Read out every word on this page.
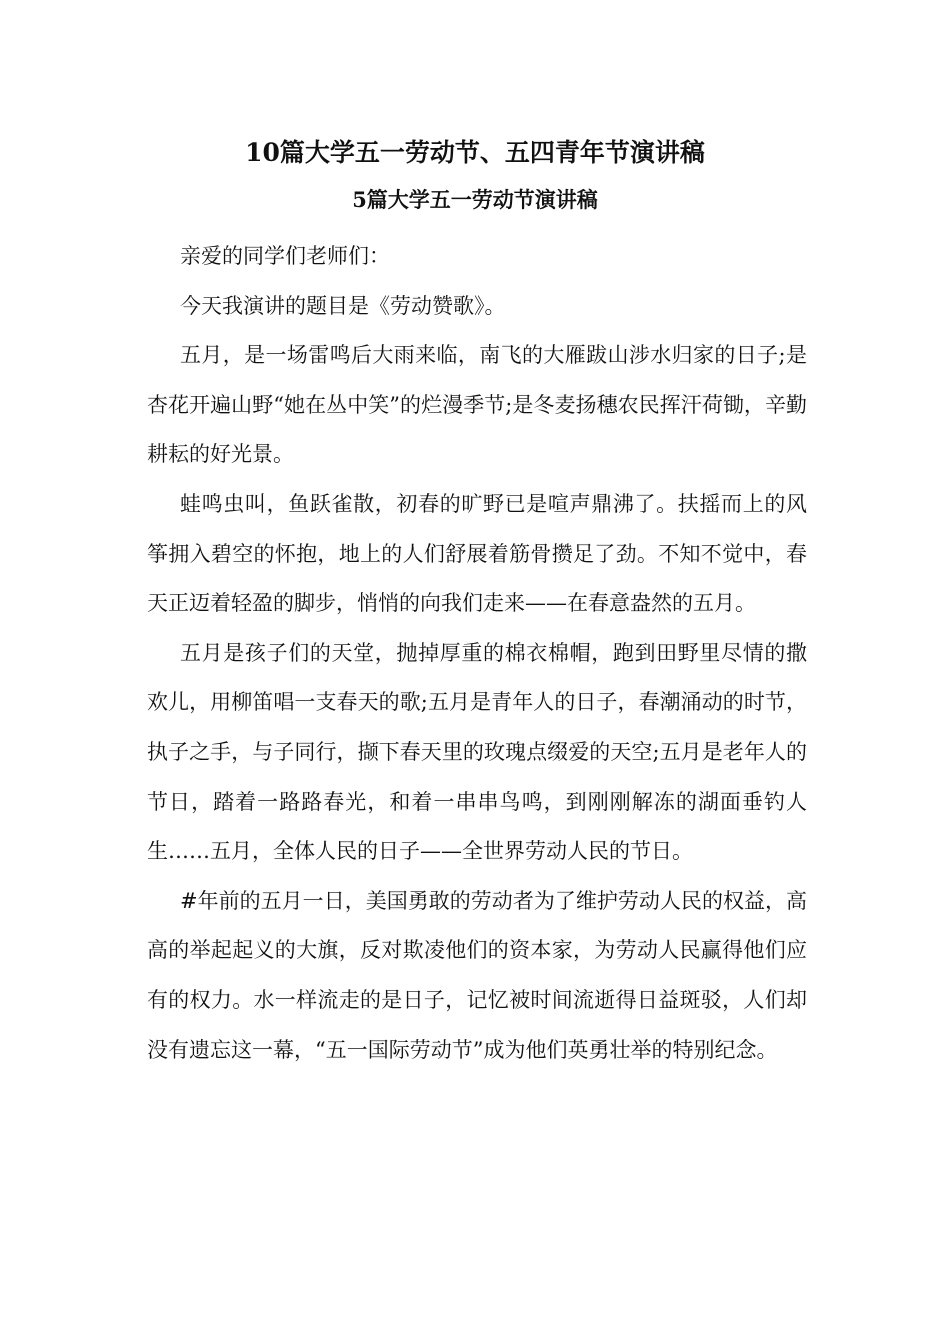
10篇大学五一劳动节、五四青年节演讲稿
5篇大学五一劳动节演讲稿

亲爱的同学们老师们：

今天我演讲的题目是《劳动赞歌》。

五月，是一场雷鸣后大雨来临，南飞的大雁跋山涉水归家的日子;是杏花开遍山野“她在丛中笑”的烂漫季节;是冬麦扬穗农民挥汗荷锄，辛勤耕耘的好光景。

蛙鸣虫叫，鱼跃雀散，初春的旷野已是喧声鼎沸了。扶摇而上的风筝拥入碧空的怀抱，地上的人们舒展着筋骨攒足了劲。不知不觉中，春天正迈着轻盈的脚步，悄悄的向我们走来——在春意盎然的五月。

五月是孩子们的天堂，抛掉厚重的棉衣棉帽，跑到田野里尽情的撒欢儿，用柳笛唱一支春天的歌;五月是青年人的日子，春潮涌动的时节，执子之手，与子同行，撷下春天里的玫瑰点缀爱的天空;五月是老年人的节日，踏着一路路春光，和着一串串鸟鸣，到刚刚解冻的湖面垂钓人生……五月，全体人民的日子——全世界劳动人民的节日。

#年前的五月一日，美国勇敢的劳动者为了维护劳动人民的权益，高高的举起起义的大旗，反对欺凌他们的资本家，为劳动人民赢得他们应有的权力。水一样流走的是日子，记忆被时间流逝得日益斑驳，人们却没有遗忘这一幕，“五一国际劳动节”成为他们英勇壮举的特别纪念。
